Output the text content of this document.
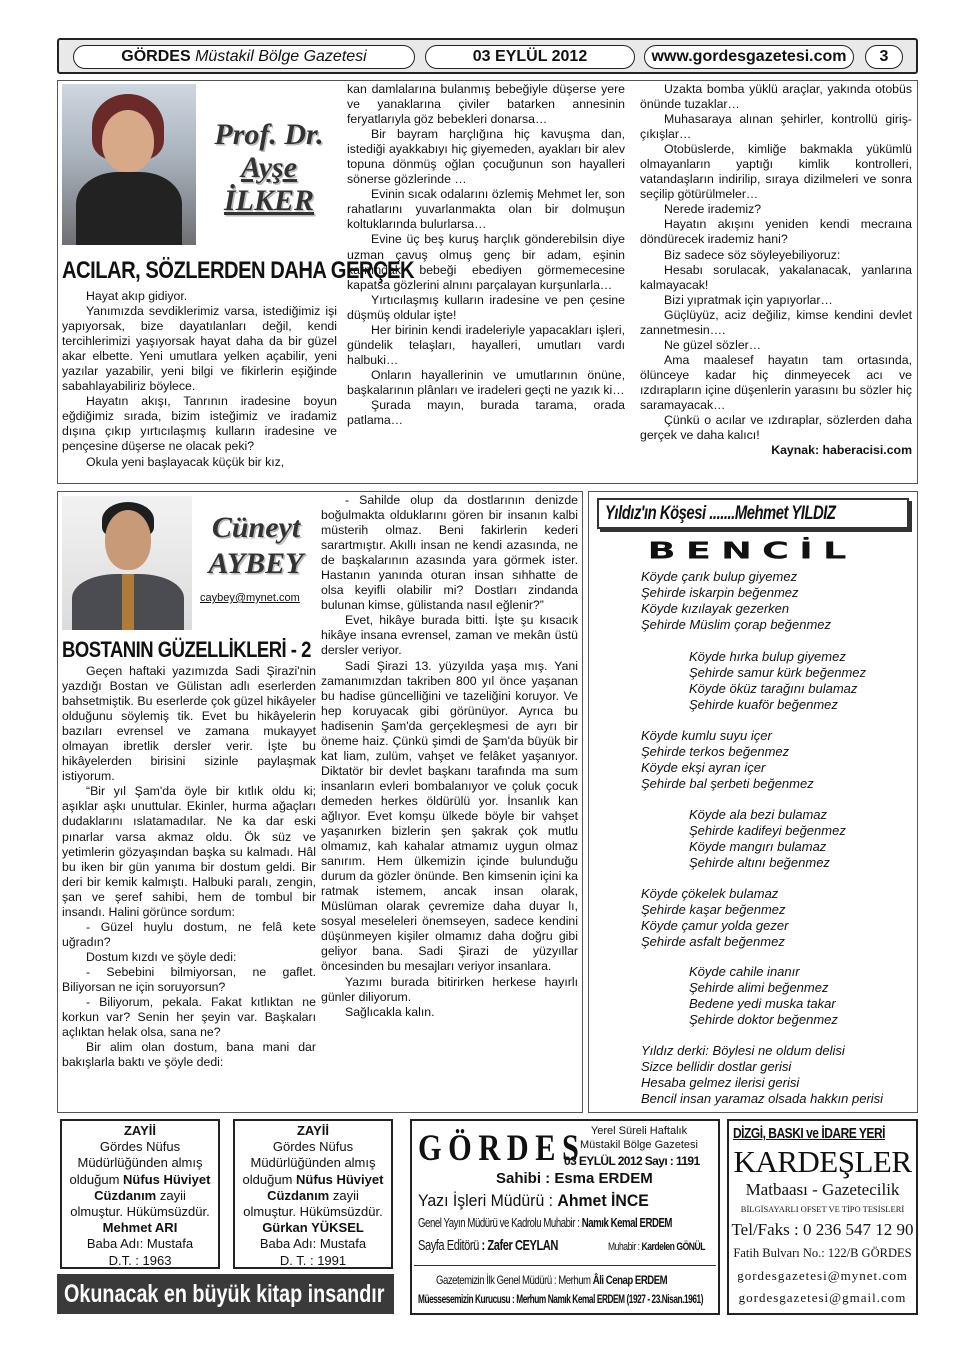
GÖRDES Müstakil Bölge Gazetesi	03 EYLÜL 2012	www.gordesgazetesi.com	3
Prof. Dr.
Ayşe
İLKER
ACILAR, SÖZLERDEN DAHA GERÇEK

Hayat akıp gidiyor.

Yanımızda sevdiklerimiz varsa, istediğimiz işi yapıyorsak, bize dayatılanları değil, kendi tercihlerimizi yaşıyorsak hayat daha da bir güzel akar elbette. Yeni umutlara yelken açabilir, yeni yazılar yazabilir, yeni bilgi ve fikirlerin eşiğinde sabahlayabiliriz böylece.

Hayatın akışı, Tanrının iradesine boyun eğdiğimiz sırada, bizim isteğimiz ve iradamiz dışına çıkıp yırtıcılaşmış kulların iradesine ve pençesine düşerse ne olacak peki?

Okula yeni başlayacak küçük bir kız,

kan damlalarına bulanmış bebeğiyle düşerse yere ve yanaklarına çiviler batarken annesinin feryatlarıyla göz bebekleri donarsa…

Bir bayram harçlığına hiç kavuşma dan, istediği ayakkabıyı hiç giyemeden, ayakları bir alev topuna dönmüş oğlan çocuğunun son hayalleri sönerse gözlerinde …

Evinin sıcak odalarını özlemiş Mehmet ler, son rahatlarını yuvarlanmakta olan bir dolmuşun koltuklarında bulurlarsa…

Evine üç beş kuruş harçlık gönderebilsin diye uzman çavuş olmuş genç bir adam, eşinin karnındaki bebeği ebediyen görmemecesine kapatsa gözlerini alnını parçalayan kurşunlarla…

Yırtıcılaşmış kulların iradesine ve pen çesine düşmüş oldular işte!

Her birinin kendi iradeleriyle yapacakları işleri, gündelik telaşları, hayalleri, umutları vardı halbuki…

Onların hayallerinin ve umutlarının önüne, başkalarının plânları ve iradeleri geçti ne yazık ki…

Şurada mayın, burada tarama, orada patlama…

Uzakta bomba yüklü araçlar, yakında otobüs önünde tuzaklar…

Muhasaraya alınan şehirler, kontrollü giriş-çıkışlar…

Otobüslerde, kimliğe bakmakla yükümlü olmayanların yaptığı kimlik kontrolleri, vatandaşların indirilip, sıraya dizilmeleri ve sonra seçilip götürülmeler…

Nerede irademiz?

Hayatın akışını yeniden kendi mecraına döndürecek irademiz hani?

Biz sadece söz söyleyebiliyoruz:

Hesabı sorulacak, yakalanacak, yanlarına kalmayacak!

Bizi yıpratmak için yapıyorlar…

Güçlüyüz, aciz değiliz, kimse kendini devlet zannetmesin….

Ne güzel sözler…

Ama maalesef hayatın tam ortasında, ölünceye kadar hiç dinmeyecek acı ve ızdırapların içine düşenlerin yarasını bu sözler hiç saramayacak…

Çünkü o acılar ve ızdıraplar, sözlerden daha gerçek ve daha kalıcı!

Kaynak: haberacisi.com

Cüneyt
AYBEY
caybey@mynet.com
BOSTANIN GÜZELLİKLERİ - 2

Geçen haftaki yazımızda Sadi Şirazi'nin yazdığı Bostan ve Gülistan adlı eserlerden bahsetmiştik. Bu eserlerde çok güzel hikâyeler olduğunu söylemiş tik. Evet bu hikâyelerin bazıları evrensel ve zamana mukayyet olmayan ibretlik dersler verir. İşte bu hikâyelerden birisini sizinle paylaşmak istiyorum.

“Bir yıl Şam'da öyle bir kıtlık oldu ki; aşıklar aşkı unuttular. Ekinler, hurma ağaçları dudaklarını ıslatamadılar. Ne ka dar eski pınarlar varsa akmaz oldu. Ök süz ve yetimlerin gözyaşından başka su kalmadı. Hâl bu iken bir gün yanıma bir dostum geldi. Bir deri bir kemik kalmıştı. Halbuki paralı, zengin, şan ve şeref sahibi, hem de tombul bir insandı. Halini görünce sordum:

- Güzel huylu dostum, ne felâ kete uğradın?

Dostum kızdı ve şöyle dedi:

- Sebebini bilmiyorsan, ne gaflet. Biliyorsan ne için soruyorsun?

- Biliyorum, pekala. Fakat kıtlıktan ne korkun var? Senin her şeyin var. Başkaları açlıktan helak olsa, sana ne?

Bir alim olan dostum, bana mani dar bakışlarla baktı ve şöyle dedi:

- Sahilde olup da dostlarının denizde boğulmakta olduklarını gören bir insanın kalbi müsterih olmaz. Beni fakirlerin kederi sarartmıştır. Akıllı insan ne kendi azasında, ne de başkalarının azasında yara görmek ister. Hastanın yanında oturan insan sıhhatte de olsa keyifli olabilir mi? Dostları zindanda bulunan kimse, gülistanda nasıl eğlenir?”

Evet, hikâye burada bitti. İşte şu kısacık hikâye insana evrensel, zaman ve mekân üstü dersler veriyor.

Sadi Şirazi 13. yüzyılda yaşa mış. Yani zamanımızdan takriben 800 yıl önce yaşanan bu hadise güncelliğini ve tazeliğini koruyor. Ve hep koruyacak gibi görünüyor. Ayrıca bu hadisenin Şam'da gerçekleşmesi de ayrı bir öneme haiz. Çünkü şimdi de Şam'da büyük bir kat liam, zulüm, vahşet ve felâket yaşanıyor. Diktatör bir devlet başkanı tarafında ma sum insanların evleri bombalanıyor ve çoluk çocuk demeden herkes öldürülü yor. İnsanlık kan ağlıyor. Evet komşu ülkede böyle bir vahşet yaşanırken bizlerin şen şakrak çok mutlu olmamız, kah kahalar atmamız uygun olmaz sanırım. Hem ülkemizin içinde bulunduğu durum da gözler önünde. Ben kimsenin içini ka ratmak istemem, ancak insan olarak, Müslüman olarak çevremize daha duyar lı, sosyal meseleleri önemseyen, sadece kendini düşünmeyen kişiler olmamız daha doğru gibi geliyor bana. Sadi Şirazi de yüzyıllar öncesinden bu mesajları veriyor insanlara.

Yazımı burada bitirirken herkese hayırlı günler diliyorum.

Sağlıcakla kalın.

Yıldız'ın Köşesi .......Mehmet YILDIZ
BENCİL
Köyde çarık bulup giyemez
Şehirde iskarpin beğenmez
Köyde kızılayak gezerken
Şehirde Müslim çorap beğenmez
Köyde hırka bulup giyemez
Şehirde samur kürk beğenmez
Köyde öküz tarağını bulamaz
Şehirde kuaför beğenmez
Köyde kumlu suyu içer
Şehirde terkos beğenmez
Köyde ekşi ayran içer
Şehirde bal şerbeti beğenmez
Köyde ala bezi bulamaz
Şehirde kadifeyi beğenmez
Köyde mangırı bulamaz
Şehirde altını beğenmez
Köyde çökelek bulamaz
Şehirde kaşar beğenmez
Köyde çamur yolda gezer
Şehirde asfalt beğenmez
Köyde cahile inanır
Şehirde alimi beğenmez
Bedene yedi muska takar
Şehirde doktor beğenmez
Yıldız derki: Böylesi ne oldum delisi
Sizce bellidir dostlar gerisi
Hesaba gelmez ilerisi gerisi
Bencil insan yaramaz olsada hakkın perisi
ZAYİİ
Gördes Nüfus
Müdürlüğünden almış
olduğum Nüfus Hüviyet
Cüzdanım zayii
olmuştur. Hükümsüzdür.
Mehmet ARI
Baba Adı: Mustafa
D.T. : 1963
ZAYİİ
Gördes Nüfus
Müdürlüğünden almış
olduğum Nüfus Hüviyet
Cüzdanım zayii
olmuştur. Hükümsüzdür.
Gürkan YÜKSEL
Baba Adı: Mustafa
D. T. : 1991
Okunacak en büyük kitap insandır
GÖRDES Yerel Süreli Haftalık
Müstakil Bölge Gazetesi
03 EYLÜL 2012 Sayı : 1191
Sahibi : Esma ERDEM
Yazı İşleri Müdürü : Ahmet İNCE
Genel Yayın Müdürü ve Kadrolu Muhabir : Namık Kemal ERDEM
Sayfa Editörü : Zafer CEYLAN	Muhabir : Kardelen GÖNÜL
Gazetemizin İlk Genel Müdürü : Merhum Âli Cenap ERDEM
Müessesemizin Kurucusu : Merhum Namık Kemal ERDEM (1927 - 23.Nisan.1961)
DİZGİ, BASKI ve İDARE YERİ
KARDEŞLER
Matbaası - Gazetecilik
BİLGİSAYARLI OFSET VE TİPO TESİSLERİ
Tel/Faks : 0 236 547 12 90
Fatih Bulvarı No.: 122/B GÖRDES
gordesgazetesi@mynet.com
gordesgazetesi@gmail.com
